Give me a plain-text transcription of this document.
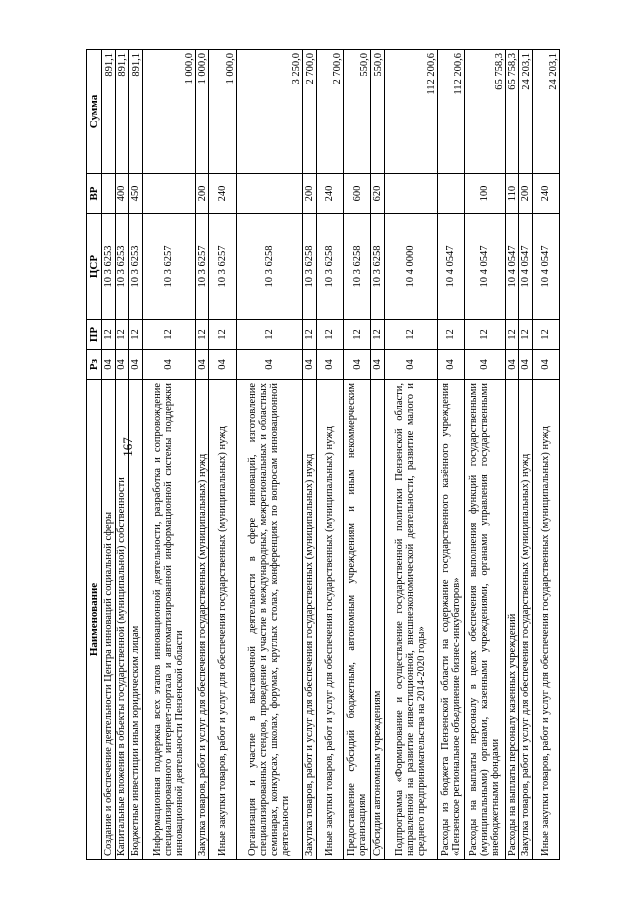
167
Наименование	Рз	ПР	ЦСР	ВР	Сумма
Создание и обеспечение деятельности Центра инноваций социальной сферы	04	12	10 3 6253		891,1
Капитальные вложения в объекты государственной (муниципальной) собственности	04	12	10 3 6253	400	891,1
Бюджетные инвестиции иным юридическим лицам	04	12	10 3 6253	450	891,1
Информационная поддержка всех этапов инновационной деятельности, разработка и сопровождение специализированного интернет-портала и автоматизированной информационной системы поддержки инновационной деятельности Пензенской области	04	12	10 3 6257		1 000,0
Закупка товаров, работ и услуг для обеспечения государственных (муниципальных) нужд	04	12	10 3 6257	200	1 000,0
Иные закупки товаров, работ и услуг для обеспечения государственных (муниципальных) нужд	04	12	10 3 6257	240	1 000,0
Организация и участие в выставочной деятельности в сфере инноваций, изготовление специализированных стендов, проведение и участие в международных, межрегиональных и областных семинарах, конкурсах, школах, форумах, круглых столах, конференциях по вопросам инновационной деятельности	04	12	10 3 6258		3 250,0
Закупка товаров, работ и услуг для обеспечения государственных (муниципальных) нужд	04	12	10 3 6258	200	2 700,0
Иные закупки товаров, работ и услуг для обеспечения государственных (муниципальных) нужд	04	12	10 3 6258	240	2 700,0
Предоставление субсидий бюджетным, автономным учреждениям и иным некоммерческим организациям	04	12	10 3 6258	600	550,0
Субсидии автономным учреждениям	04	12	10 3 6258	620	550,0
Подпрограмма «Формирование и осуществление государственной политики Пензенской области, направленной на развитие инвестиционной, внешнеэкономической деятельности, развитие малого и среднего предпринимательства на 2014-2020 годы»	04	12	10 4 0000		112 200,6
Расходы из бюджета Пензенской области на содержание государственного казённого учреждения «Пензенское региональное объединение бизнес-инкубаторов»	04	12	10 4 0547		112 200,6
Расходы на выплаты персоналу в целях обеспечения выполнения функций государственными (муниципальными) органами, казенными учреждениями, органами управления государственными внебюджетными фондами	04	12	10 4 0547	100	65 758,3
Расходы на выплаты персоналу казенных учреждений	04	12	10 4 0547	110	65 758,3
Закупка товаров, работ и услуг для обеспечения государственных (муниципальных) нужд	04	12	10 4 0547	200	24 203,1
Иные закупки товаров, работ и услуг для обеспечения государственных (муниципальных) нужд	04	12	10 4 0547	240	24 203,1
